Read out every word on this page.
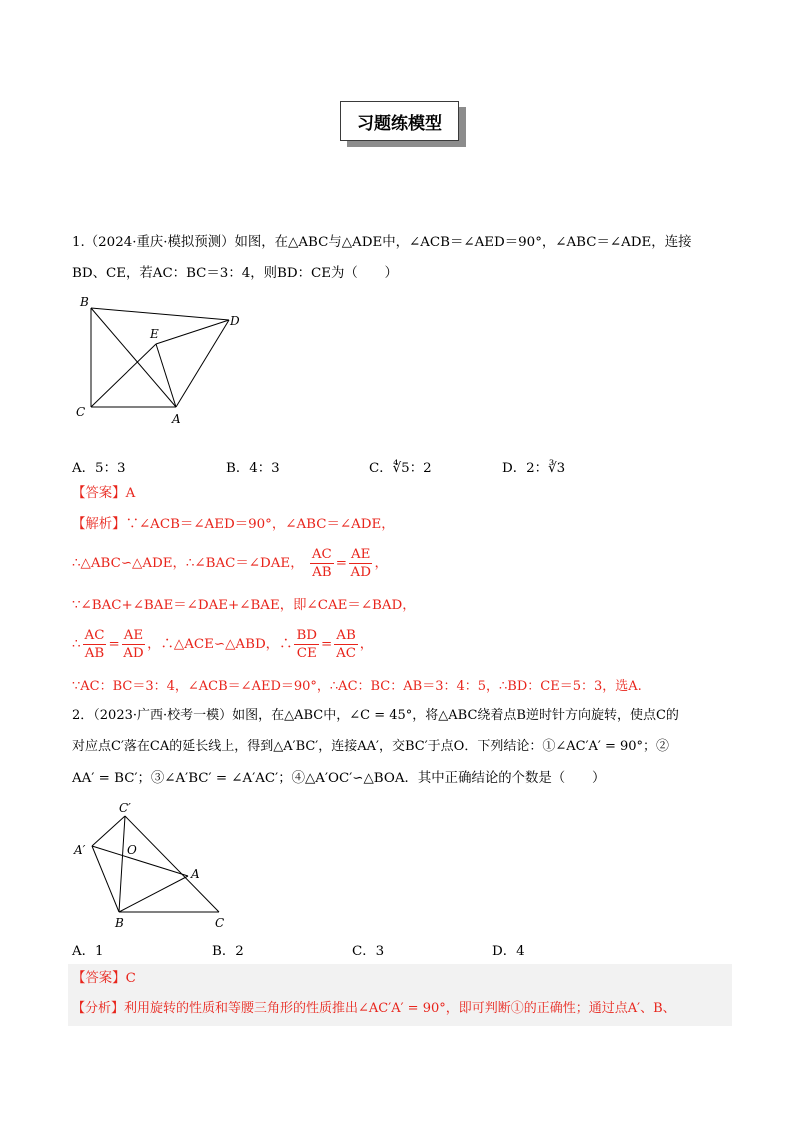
习题练模型
1.（2024·重庆·模拟预测）如图，在△ABC与△ADE中，∠ACB＝∠AED＝90°，∠ABC＝∠ADE，连接
BD、CE，若AC：BC＝3：4，则BD：CE为（　　）
B
E
D
C	A
A．5：3	B．4：3	C．∜5：2	D．2：∛3
【答案】A
【解析】∵∠ACB＝∠AED＝90°，∠ABC＝∠ADE，
∴△ABC∽△ADE，∴∠BAC＝∠DAE， $\frac{AC}{AB} = \frac{AE}{AD}$ ，
∵∠BAC+∠BAE＝∠DAE+∠BAE，即∠CAE＝∠BAD，
∴ $\frac{AC}{AB} = \frac{AE}{AD}$ ，∴△ACE∽△ABD，∴ $\frac{BD}{CE} = \frac{AB}{AC}$ ，
∵AC：BC＝3：4，∠ACB＝∠AED＝90°，∴AC：BC：AB＝3：4：5，∴BD：CE＝5：3，选A.
2．（2023·广西·校考一模）如图，在△ABC中，∠C = 45°，将△ABC绕着点B逆时针方向旋转，使点C的
对应点C′落在CA的延长线上，得到△A′BC′，连接AA′，交BC′于点O．下列结论：①∠AC′A′ = 90°；②
AA′ = BC′；③∠A′BC′ = ∠A′AC′；④△A′OC′∽△BOA．其中正确结论的个数是（　　）
C′
A′	O
A
B	C
A．1	B．2	C．3	D．4
【答案】C
【分析】利用旋转的性质和等腰三角形的性质推出∠AC′A′ = 90°，即可判断①的正确性；通过点A′、B、
